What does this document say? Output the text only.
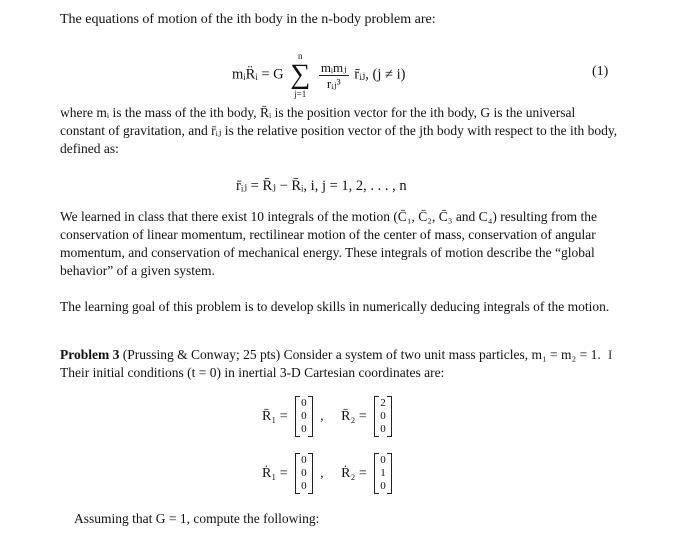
The equations of motion of the ith body in the n-body problem are:
mᵢR̈ᵢ = G
n
∑
j=1

$\frac{\text{mᵢmⱼ}}{\text{rᵢⱼ³}}$ r̄ᵢⱼ, (j ≠ i)	(1)
where mᵢ is the mass of the ith body, R̄ᵢ is the position vector for the ith body, G is the universal constant of gravitation, and r̄ᵢⱼ is the relative position vector of the jth body with respect to the ith body, defined as:
r̄ᵢⱼ = R̄ⱼ − R̄ᵢ, i, j = 1, 2, . . . , n
We learned in class that there exist 10 integrals of the motion (C̄₁, C̄₂, C̄₃ and C₄) resulting from the conservation of linear momentum, rectilinear motion of the center of mass, conservation of angular momentum, and conservation of mechanical energy. These integrals of motion describe the “global behavior” of a given system.
The learning goal of this problem is to develop skills in numerically deducing integrals of the motion.
Problem 3 (Prussing & Conway; 25 pts) Consider a system of two unit mass particles, m₁ = m₂ = 1. Their initial conditions (t = 0) in inertial 3-D Cartesian coordinates are:
I
R̄₁ =
0
0
0
, R̄₂ =
2
0
0
Ṙ₁ =
0
0
0
, Ṙ₂ =
0
1
0
Assuming that G = 1, compute the following:
